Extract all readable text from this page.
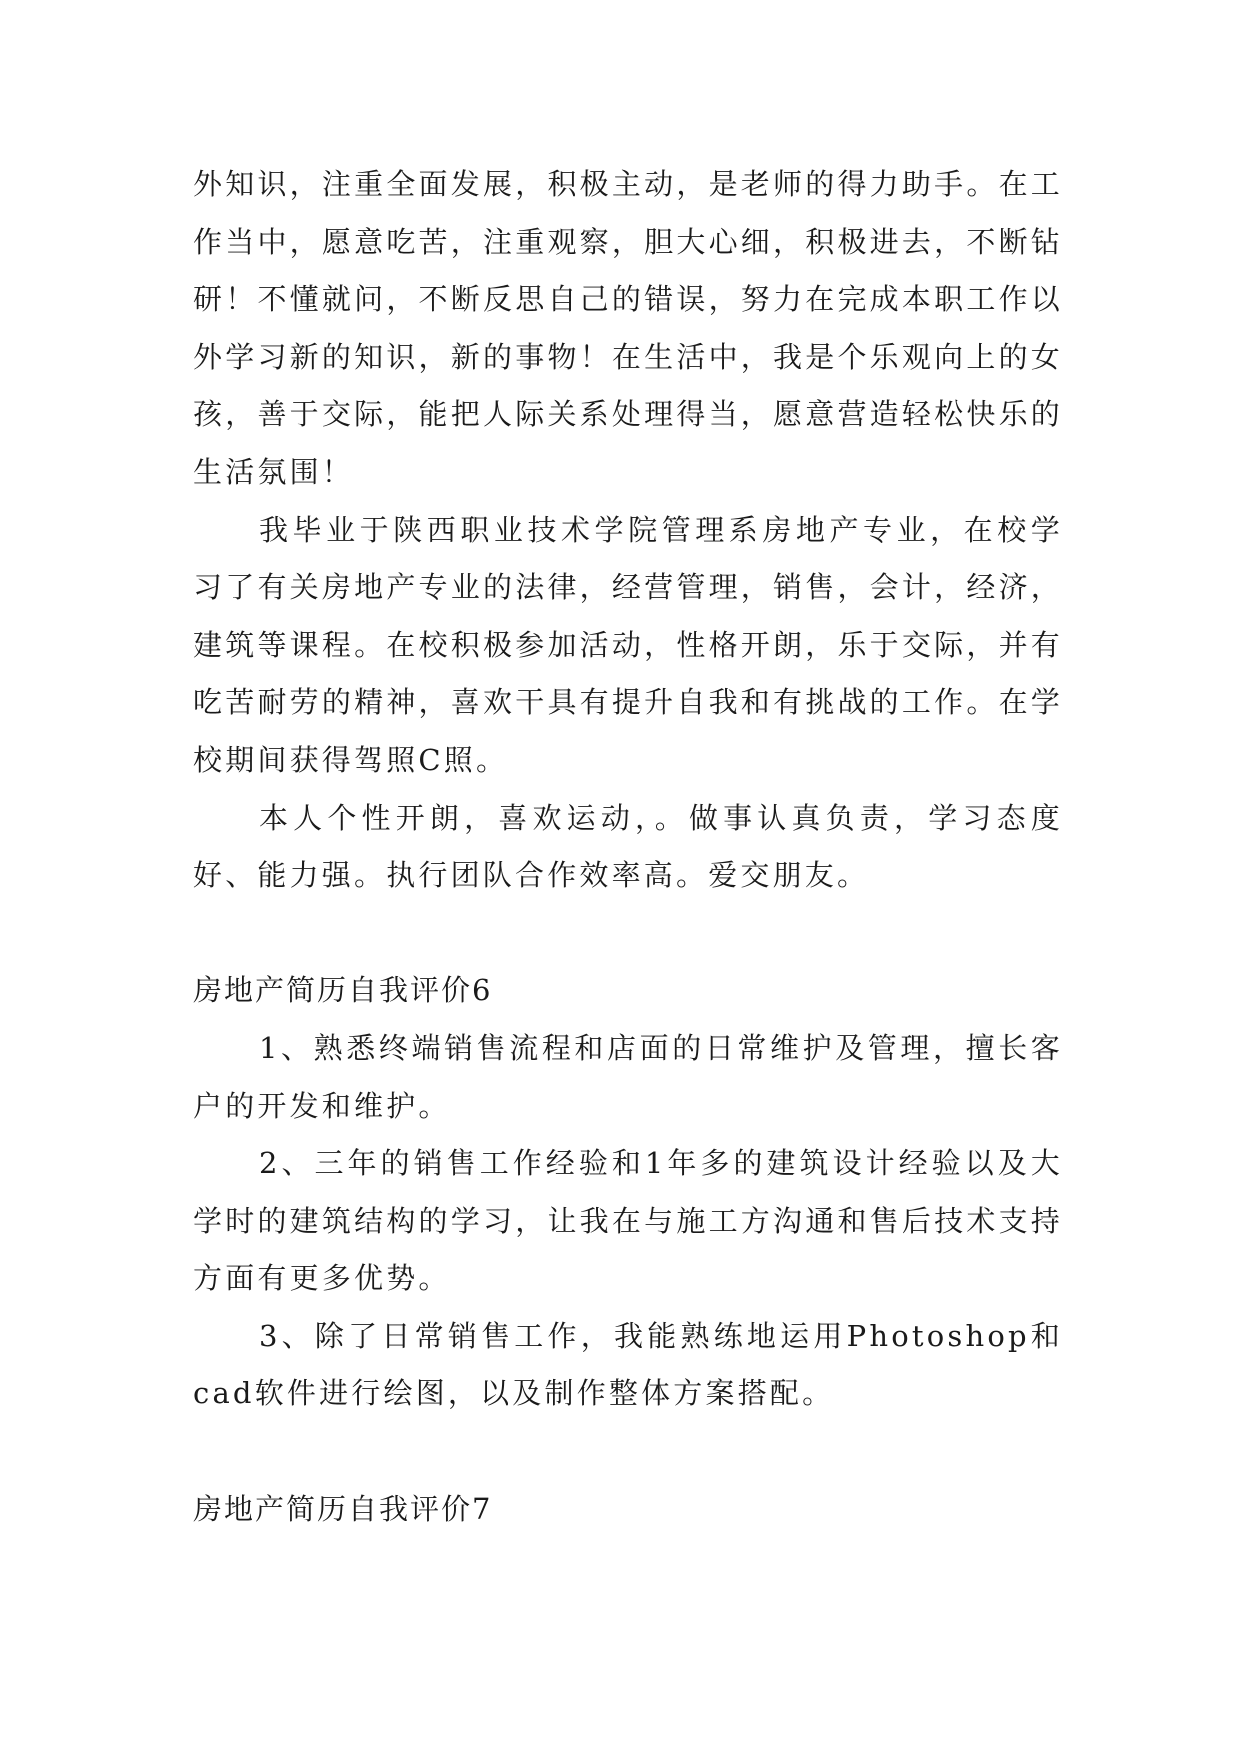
外知识，注重全面发展，积极主动，是老师的得力助手。在工作当中，愿意吃苦，注重观察，胆大心细，积极进去，不断钻研！不懂就问，不断反思自己的错误，努力在完成本职工作以外学习新的知识，新的事物！在生活中，我是个乐观向上的女孩，善于交际，能把人际关系处理得当，愿意营造轻松快乐的生活氛围！

我毕业于陕西职业技术学院管理系房地产专业，在校学习了有关房地产专业的法律，经营管理，销售，会计，经济，建筑等课程。在校积极参加活动，性格开朗，乐于交际，并有吃苦耐劳的精神，喜欢干具有提升自我和有挑战的工作。在学校期间获得驾照C照。

本人个性开朗，喜欢运动，。做事认真负责，学习态度好、能力强。执行团队合作效率高。爱交朋友。

房地产简历自我评价6

1、熟悉终端销售流程和店面的日常维护及管理，擅长客户的开发和维护。

2、三年的销售工作经验和1年多的建筑设计经验以及大学时的建筑结构的学习，让我在与施工方沟通和售后技术支持方面有更多优势。

3、除了日常销售工作，我能熟练地运用Photoshop和cad软件进行绘图，以及制作整体方案搭配。

房地产简历自我评价7
